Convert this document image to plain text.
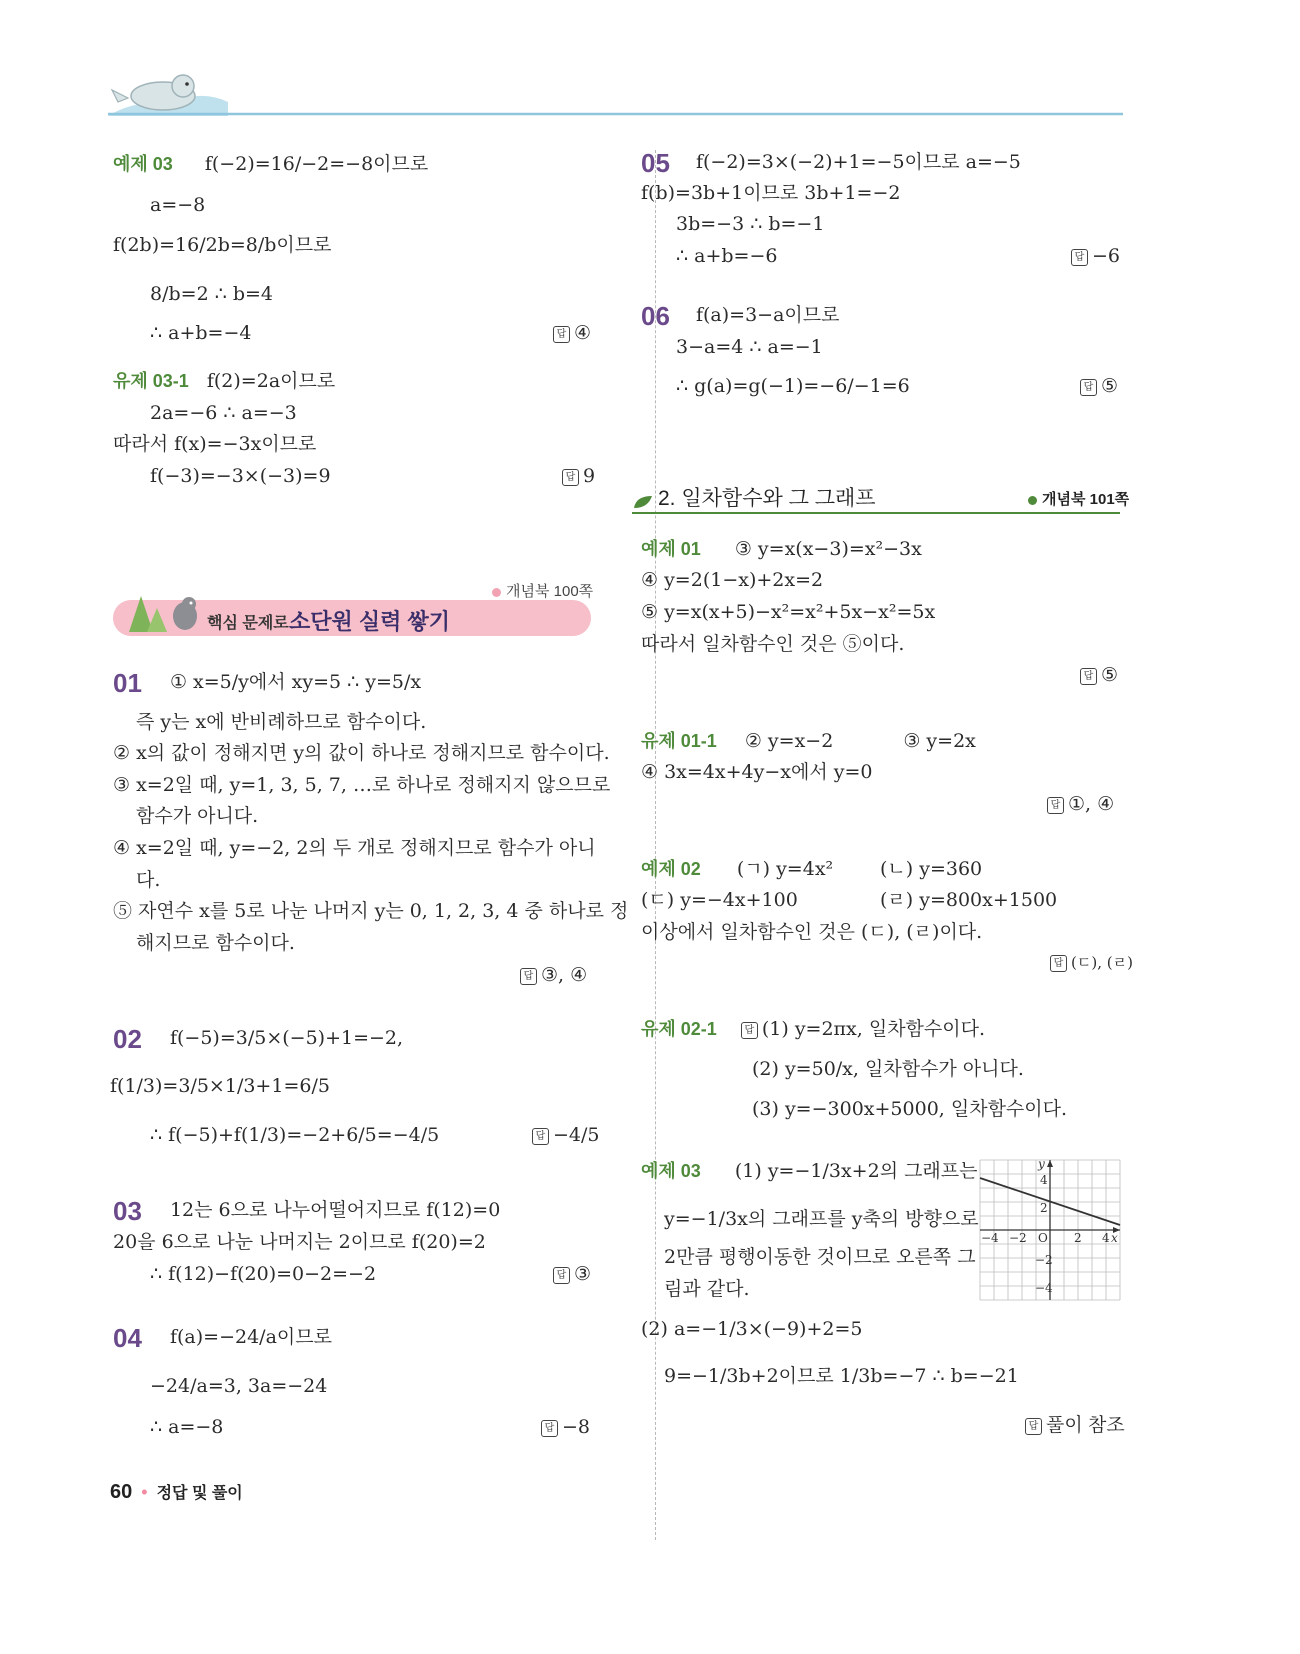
예제 03 f(−2)=16/−2=−8이므로
a=−8
f(2b)=16/2b=8/b이므로
8/b=2 ∴ b=4
∴ a+b=−4	답 ④
유제 03-1 f(2)=2a이므로
2a=−6 ∴ a=−3
따라서 f(x)=−3x이므로
f(−3)=−3×(−3)=9	답 9
개념북 100쪽
핵심 문제로 소단원 실력 쌓기
01 ① x=5/y에서 xy=5 ∴ y=5/x
즉 y는 x에 반비례하므로 함수이다.
② x의 값이 정해지면 y의 값이 하나로 정해지므로 함수이다.
③ x=2일 때, y=1, 3, 5, 7, …로 하나로 정해지지 않으므로
함수가 아니다.
④ x=2일 때, y=−2, 2의 두 개로 정해지므로 함수가 아니
다.
⑤ 자연수 x를 5로 나눈 나머지 y는 0, 1, 2, 3, 4 중 하나로 정
해지므로 함수이다.
답 ③, ④
02 f(−5)=3/5×(−5)+1=−2,
f(1/3)=3/5×1/3+1=6/5
∴ f(−5)+f(1/3)=−2+6/5=−4/5	답 −4/5
03 12는 6으로 나누어떨어지므로 f(12)=0
20을 6으로 나눈 나머지는 2이므로 f(20)=2
∴ f(12)−f(20)=0−2=−2	답 ③
04 f(a)=−24/a이므로
−24/a=3, 3a=−24
∴ a=−8	답 −8
05 f(−2)=3×(−2)+1=−5이므로 a=−5
f(b)=3b+1이므로 3b+1=−2
3b=−3 ∴ b=−1
∴ a+b=−6	답 −6
06 f(a)=3−a이므로
3−a=4 ∴ a=−1
∴ g(a)=g(−1)=−6/−1=6	답 ⑤
2. 일차함수와 그 그래프	개념북 101쪽
예제 01 ③ y=x(x−3)=x²−3x
④ y=2(1−x)+2x=2
⑤ y=x(x+5)−x²=x²+5x−x²=5x
따라서 일차함수인 것은 ⑤이다.
답 ⑤
유제 01-1 ② y=x−2	③ y=2x
④ 3x=4x+4y−x에서 y=0
답 ①, ④
예제 02 (ㄱ) y=4x² (ㄴ) y=360
(ㄷ) y=−4x+100	(ㄹ) y=800x+1500
이상에서 일차함수인 것은 (ㄷ), (ㄹ)이다.
답 (ㄷ), (ㄹ)
유제 02-1	답 (1) y=2πx, 일차함수이다.
(2) y=50/x, 일차함수가 아니다.
(3) y=−300x+5000, 일차함수이다.
예제 03 (1) y=−1/3x+2의 그래프는
y=−1/3x의 그래프를 y축의 방향으로
2만큼 평행이동한 것이므로 오른쪽 그
림과 같다.
(2) a=−1/3×(−9)+2=5
9=−1/3b+2이므로 1/3b=−7 ∴ b=−21
답 풀이 참조
y
x
O
4
2
−2
−4
−4 −2	2 4
60 • 정답 및 풀이
